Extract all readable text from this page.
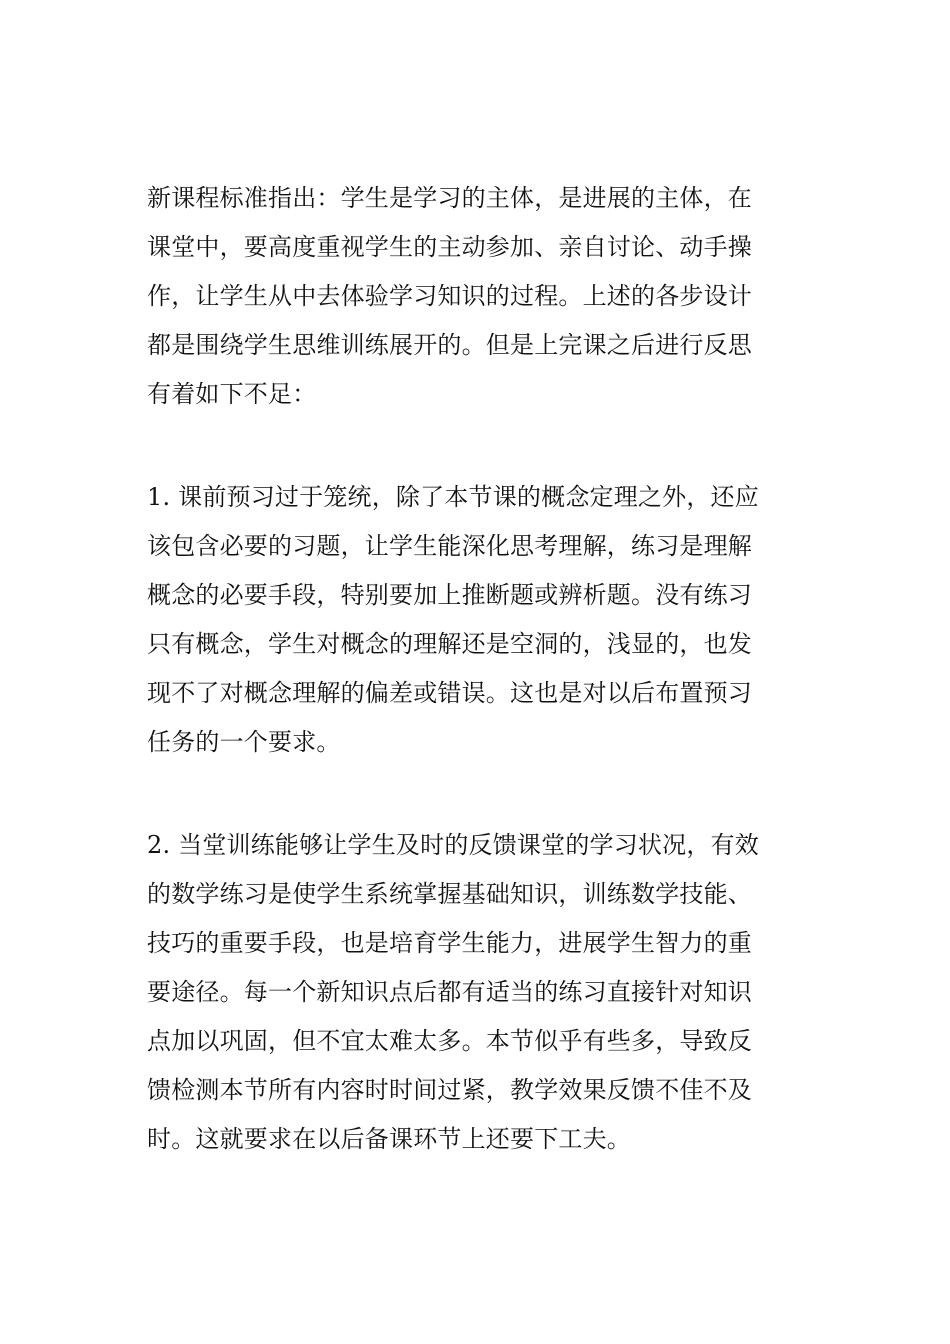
新课程标准指出：学生是学习的主体，是进展的主体，在
课堂中，要高度重视学生的主动参加、亲自讨论、动手操
作，让学生从中去体验学习知识的过程。上述的各步设计
都是围绕学生思维训练展开的。但是上完课之后进行反思
有着如下不足：

1. 课前预习过于笼统，除了本节课的概念定理之外，还应
该包含必要的习题，让学生能深化思考理解，练习是理解
概念的必要手段，特别要加上推断题或辨析题。没有练习
只有概念，学生对概念的理解还是空洞的，浅显的，也发
现不了对概念理解的偏差或错误。这也是对以后布置预习
任务的一个要求。

2. 当堂训练能够让学生及时的反馈课堂的学习状况，有效
的数学练习是使学生系统掌握基础知识，训练数学技能、
技巧的重要手段，也是培育学生能力，进展学生智力的重
要途径。每一个新知识点后都有适当的练习直接针对知识
点加以巩固，但不宜太难太多。本节似乎有些多，导致反
馈检测本节所有内容时时间过紧，教学效果反馈不佳不及
时。这就要求在以后备课环节上还要下工夫。
